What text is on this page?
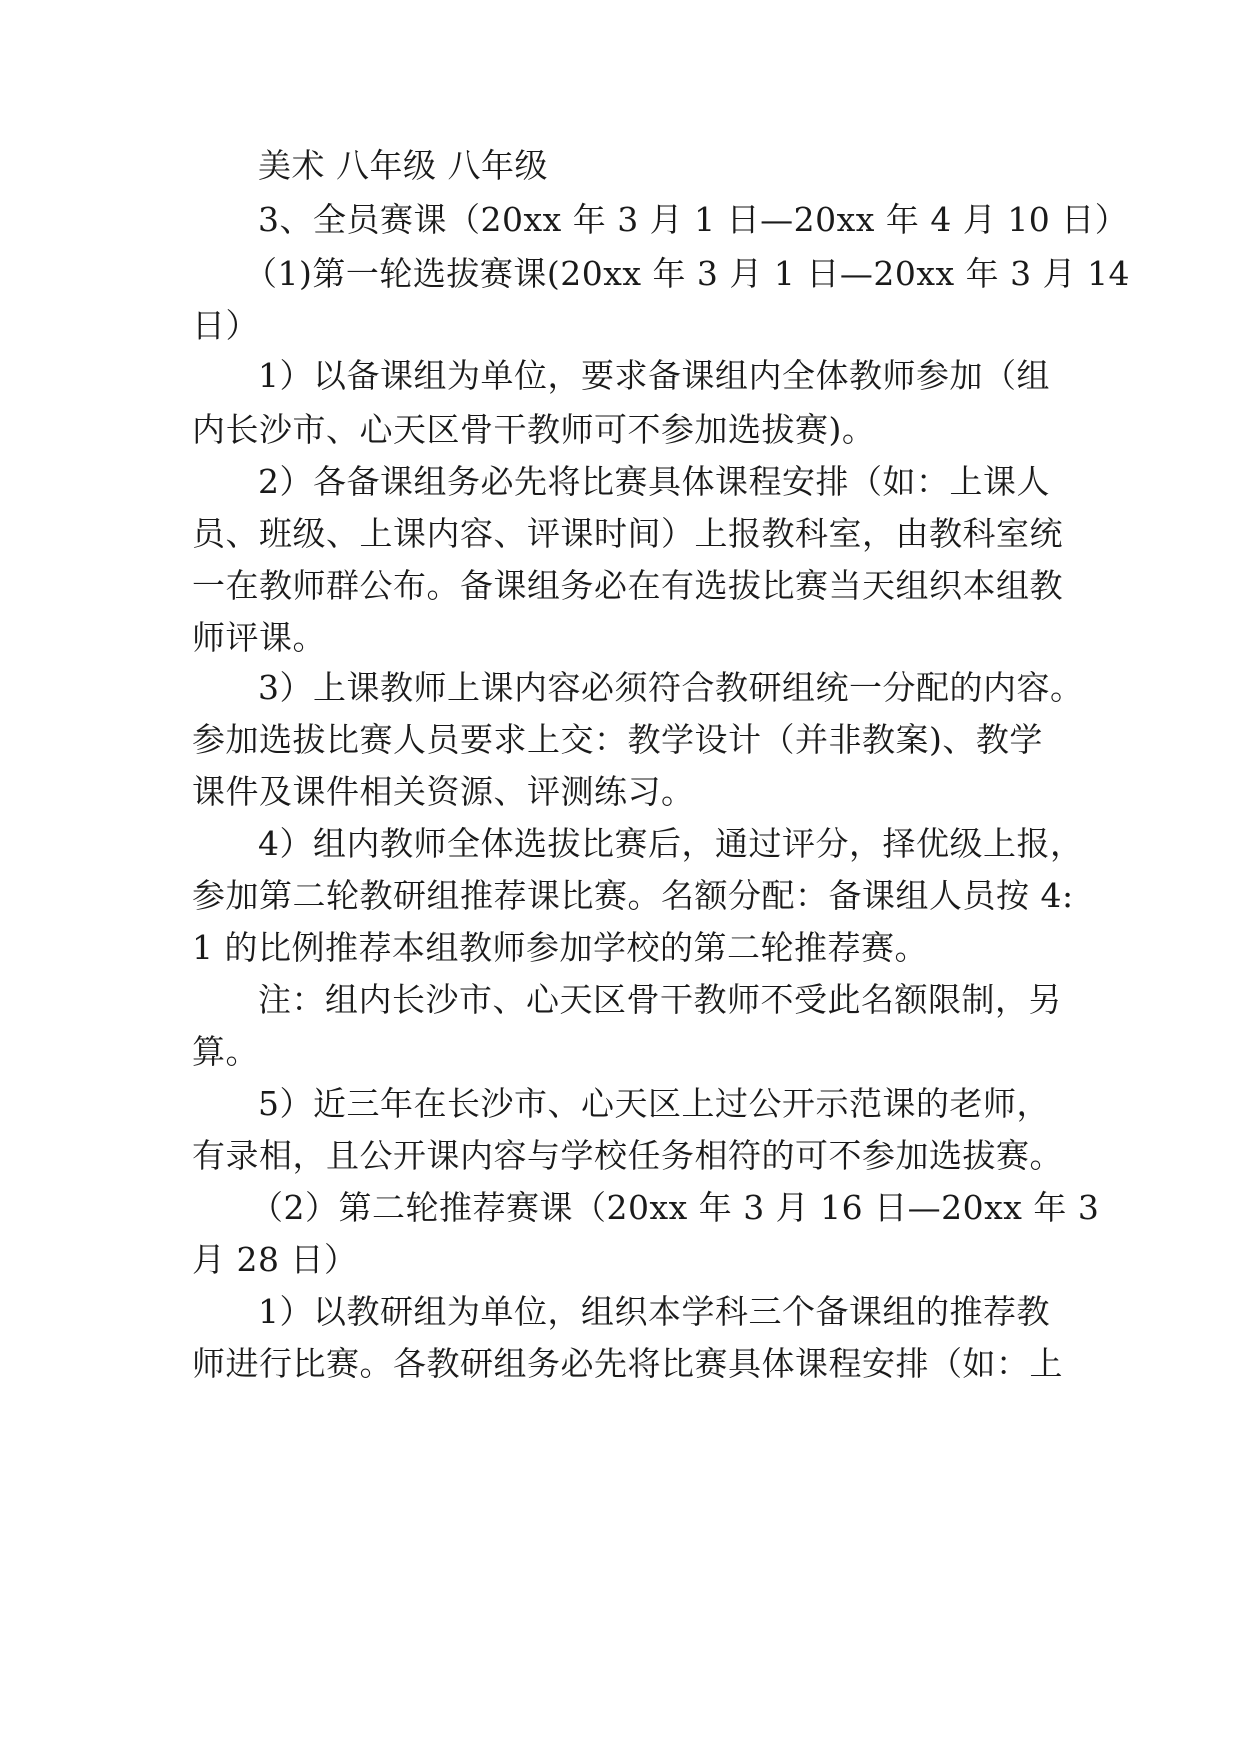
美术 八年级 八年级
3、全员赛课（20xx 年 3 月 1 日—20xx 年 4 月 10 日）
（1)第一轮选拔赛课(20xx 年 3 月 1 日—20xx 年 3 月 14
日）
1）以备课组为单位，要求备课组内全体教师参加（组
内长沙市、心天区骨干教师可不参加选拔赛)。
2）各备课组务必先将比赛具体课程安排（如：上课人
员、班级、上课内容、评课时间）上报教科室，由教科室统
一在教师群公布。备课组务必在有选拔比赛当天组织本组教
师评课。
3）上课教师上课内容必须符合教研组统一分配的内容。
参加选拔比赛人员要求上交：教学设计（并非教案)、教学
课件及课件相关资源、评测练习。
4）组内教师全体选拔比赛后，通过评分，择优级上报，
参加第二轮教研组推荐课比赛。名额分配：备课组人员按 4:
1 的比例推荐本组教师参加学校的第二轮推荐赛。
注：组内长沙市、心天区骨干教师不受此名额限制，另
算。
5）近三年在长沙市、心天区上过公开示范课的老师，
有录相，且公开课内容与学校任务相符的可不参加选拔赛。
（2）第二轮推荐赛课（20xx 年 3 月 16 日—20xx 年 3
月 28 日）
1）以教研组为单位，组织本学科三个备课组的推荐教
师进行比赛。各教研组务必先将比赛具体课程安排（如：上
